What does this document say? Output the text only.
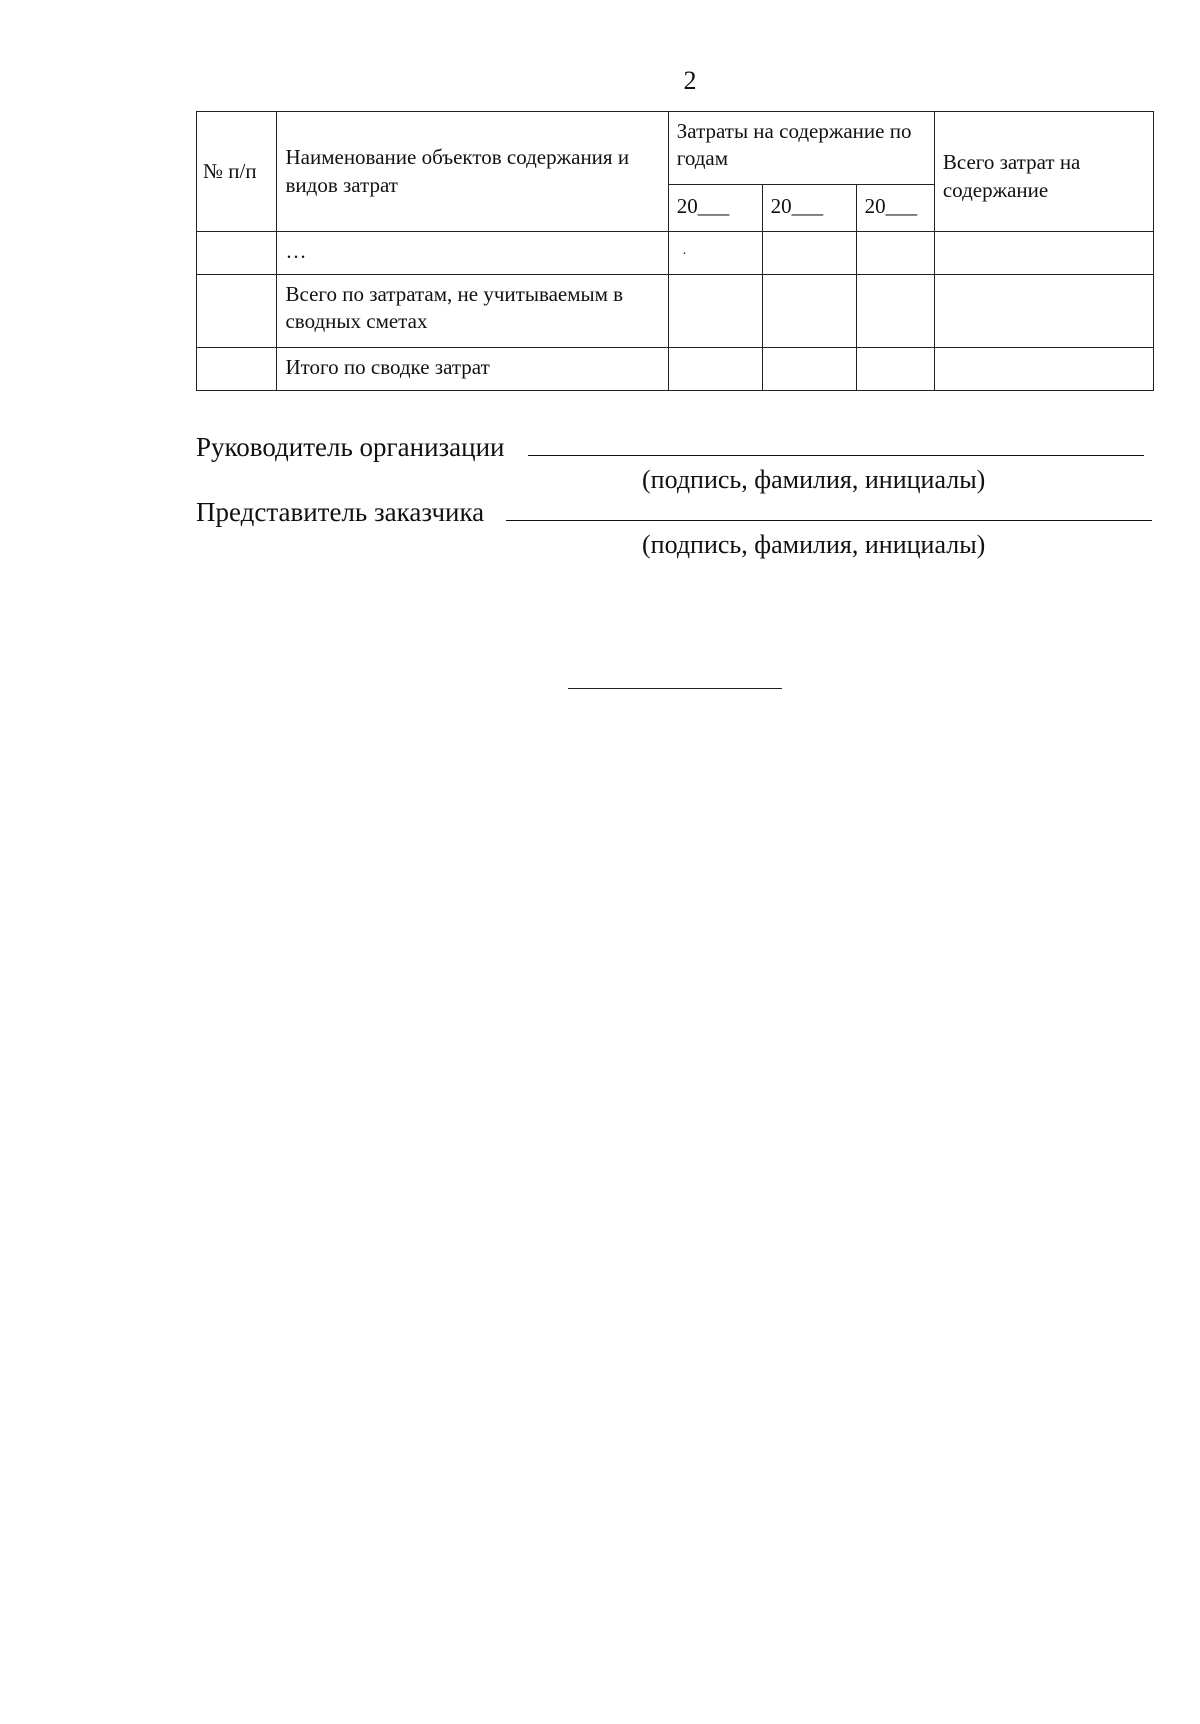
2
№ п/п	Наименование объектов содержания и видов затрат	Затраты на содержание по годам			Всего затрат на содержание
		20___	20___	20___	
	…	.			
	Всего по затратам, не учитываемым в сводных сметах				
	Итого по сводке затрат				
Руководитель организации
(подпись, фамилия, инициалы)
Представитель заказчика
(подпись, фамилия, инициалы)
